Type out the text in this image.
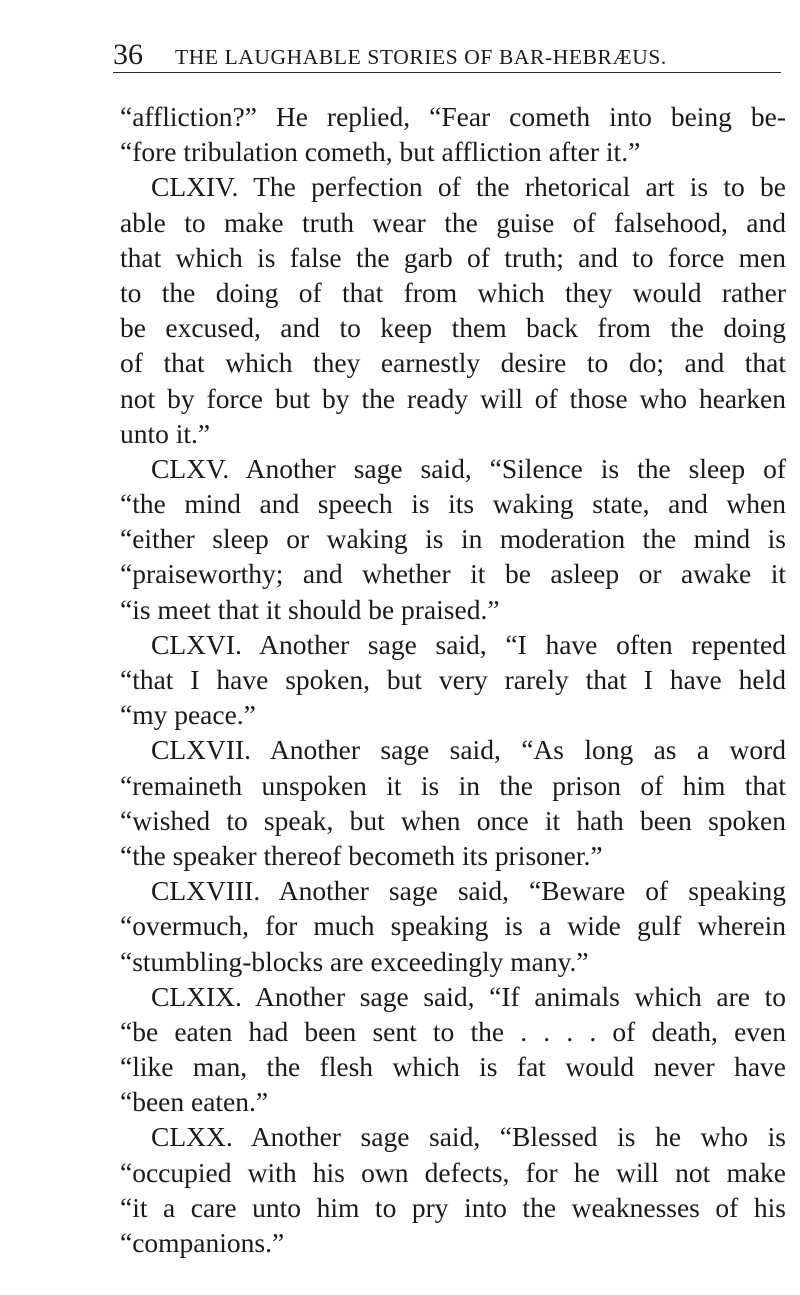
36	THE LAUGHABLE STORIES OF BAR-HEBRÆUS.
“affliction?” He replied, “Fear cometh into being be-
“fore tribulation cometh, but affliction after it.”
CLXIV. The perfection of the rhetorical art is to be
able to make truth wear the guise of falsehood, and
that which is false the garb of truth; and to force men
to the doing of that from which they would rather
be excused, and to keep them back from the doing
of that which they earnestly desire to do; and that
not by force but by the ready will of those who hearken
unto it.”
CLXV. Another sage said, “Silence is the sleep of
“the mind and speech is its waking state, and when
“either sleep or waking is in moderation the mind is
“praiseworthy; and whether it be asleep or awake it
“is meet that it should be praised.”
CLXVI. Another sage said, “I have often repented
“that I have spoken, but very rarely that I have held
“my peace.”
CLXVII. Another sage said, “As long as a word
“remaineth unspoken it is in the prison of him that
“wished to speak, but when once it hath been spoken
“the speaker thereof becometh its prisoner.”
CLXVIII. Another sage said, “Beware of speaking
“overmuch, for much speaking is a wide gulf wherein
“stumbling-blocks are exceedingly many.”
CLXIX. Another sage said, “If animals which are to
“be eaten had been sent to the . . . . of death, even
“like man, the flesh which is fat would never have
“been eaten.”
CLXX. Another sage said, “Blessed is he who is
“occupied with his own defects, for he will not make
“it a care unto him to pry into the weaknesses of his
“companions.”
